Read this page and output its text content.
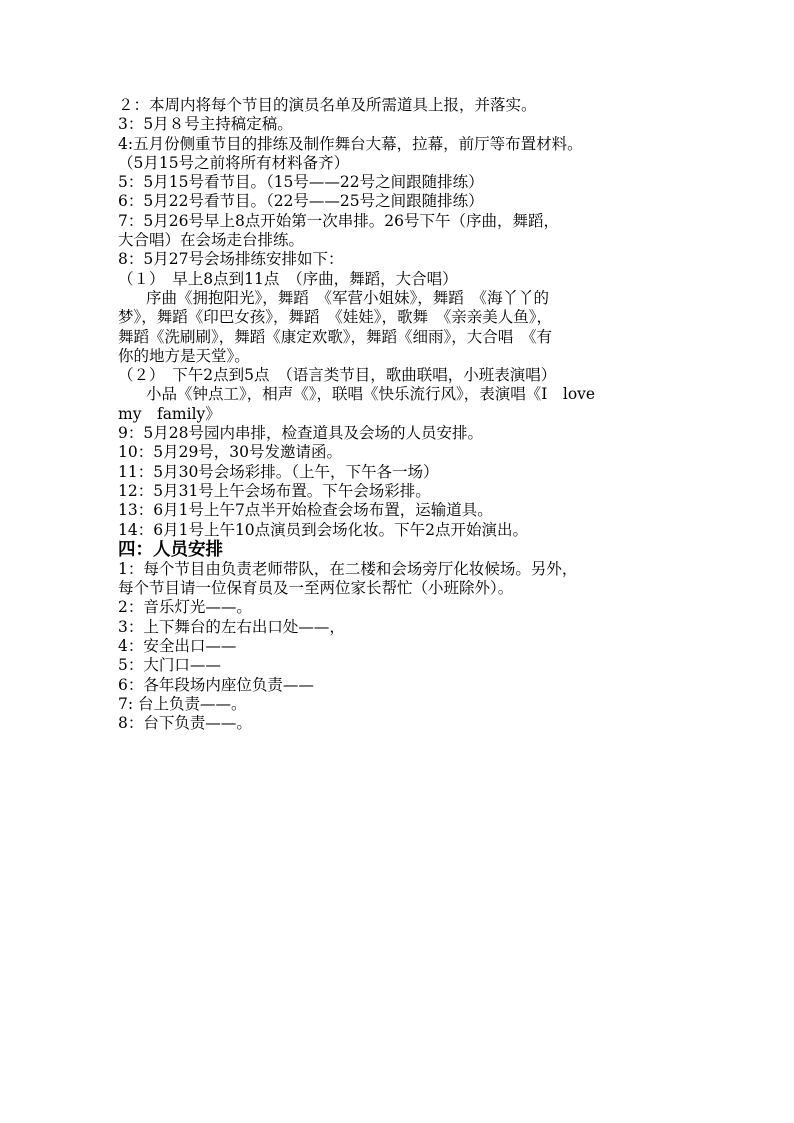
２：本周内将每个节目的演员名单及所需道具上报，并落实。
3：5月８号主持稿定稿。
4:五月份侧重节目的排练及制作舞台大幕，拉幕，前厅等布置材料。
（5月15号之前将所有材料备齐）
5：5月15号看节目。（15号——22号之间跟随排练）
6：5月22号看节目。（22号——25号之间跟随排练）
7：5月26号早上8点开始第一次串排。26号下午（序曲，舞蹈，
大合唱）在会场走台排练。
8：5月27号会场排练安排如下：
（１）　早上8点到11点　（序曲，舞蹈，大合唱）
序曲《拥抱阳光》，舞蹈　《军营小姐妹》，舞蹈　《海丫丫的
梦》，舞蹈《印巴女孩》，舞蹈　《娃娃》，歌舞　《亲亲美人鱼》，
舞蹈《洗刷刷》，舞蹈《康定欢歌》，舞蹈《细雨》，大合唱　《有
你的地方是天堂》。
（２）　下午2点到5点　（语言类节目，歌曲联唱，小班表演唱）
小品《钟点工》，相声《》，联唱《快乐流行风》，表演唱《I　love
my　family》
9：5月28号园内串排，检查道具及会场的人员安排。
10：5月29号，30号发邀请函。
11：5月30号会场彩排。（上午，下午各一场）
12：5月31号上午会场布置。下午会场彩排。
13：6月1号上午7点半开始检查会场布置，运输道具。
14：6月1号上午10点演员到会场化妆。下午2点开始演出。
四：人员安排
1：每个节目由负责老师带队，在二楼和会场旁厅化妆候场。另外，
每个节目请一位保育员及一至两位家长帮忙（小班除外）。
2：音乐灯光——。
3：上下舞台的左右出口处——，
4：安全出口——
5：大门口——
6：各年段场内座位负责——
7: 台上负责——。
8：台下负责——。
